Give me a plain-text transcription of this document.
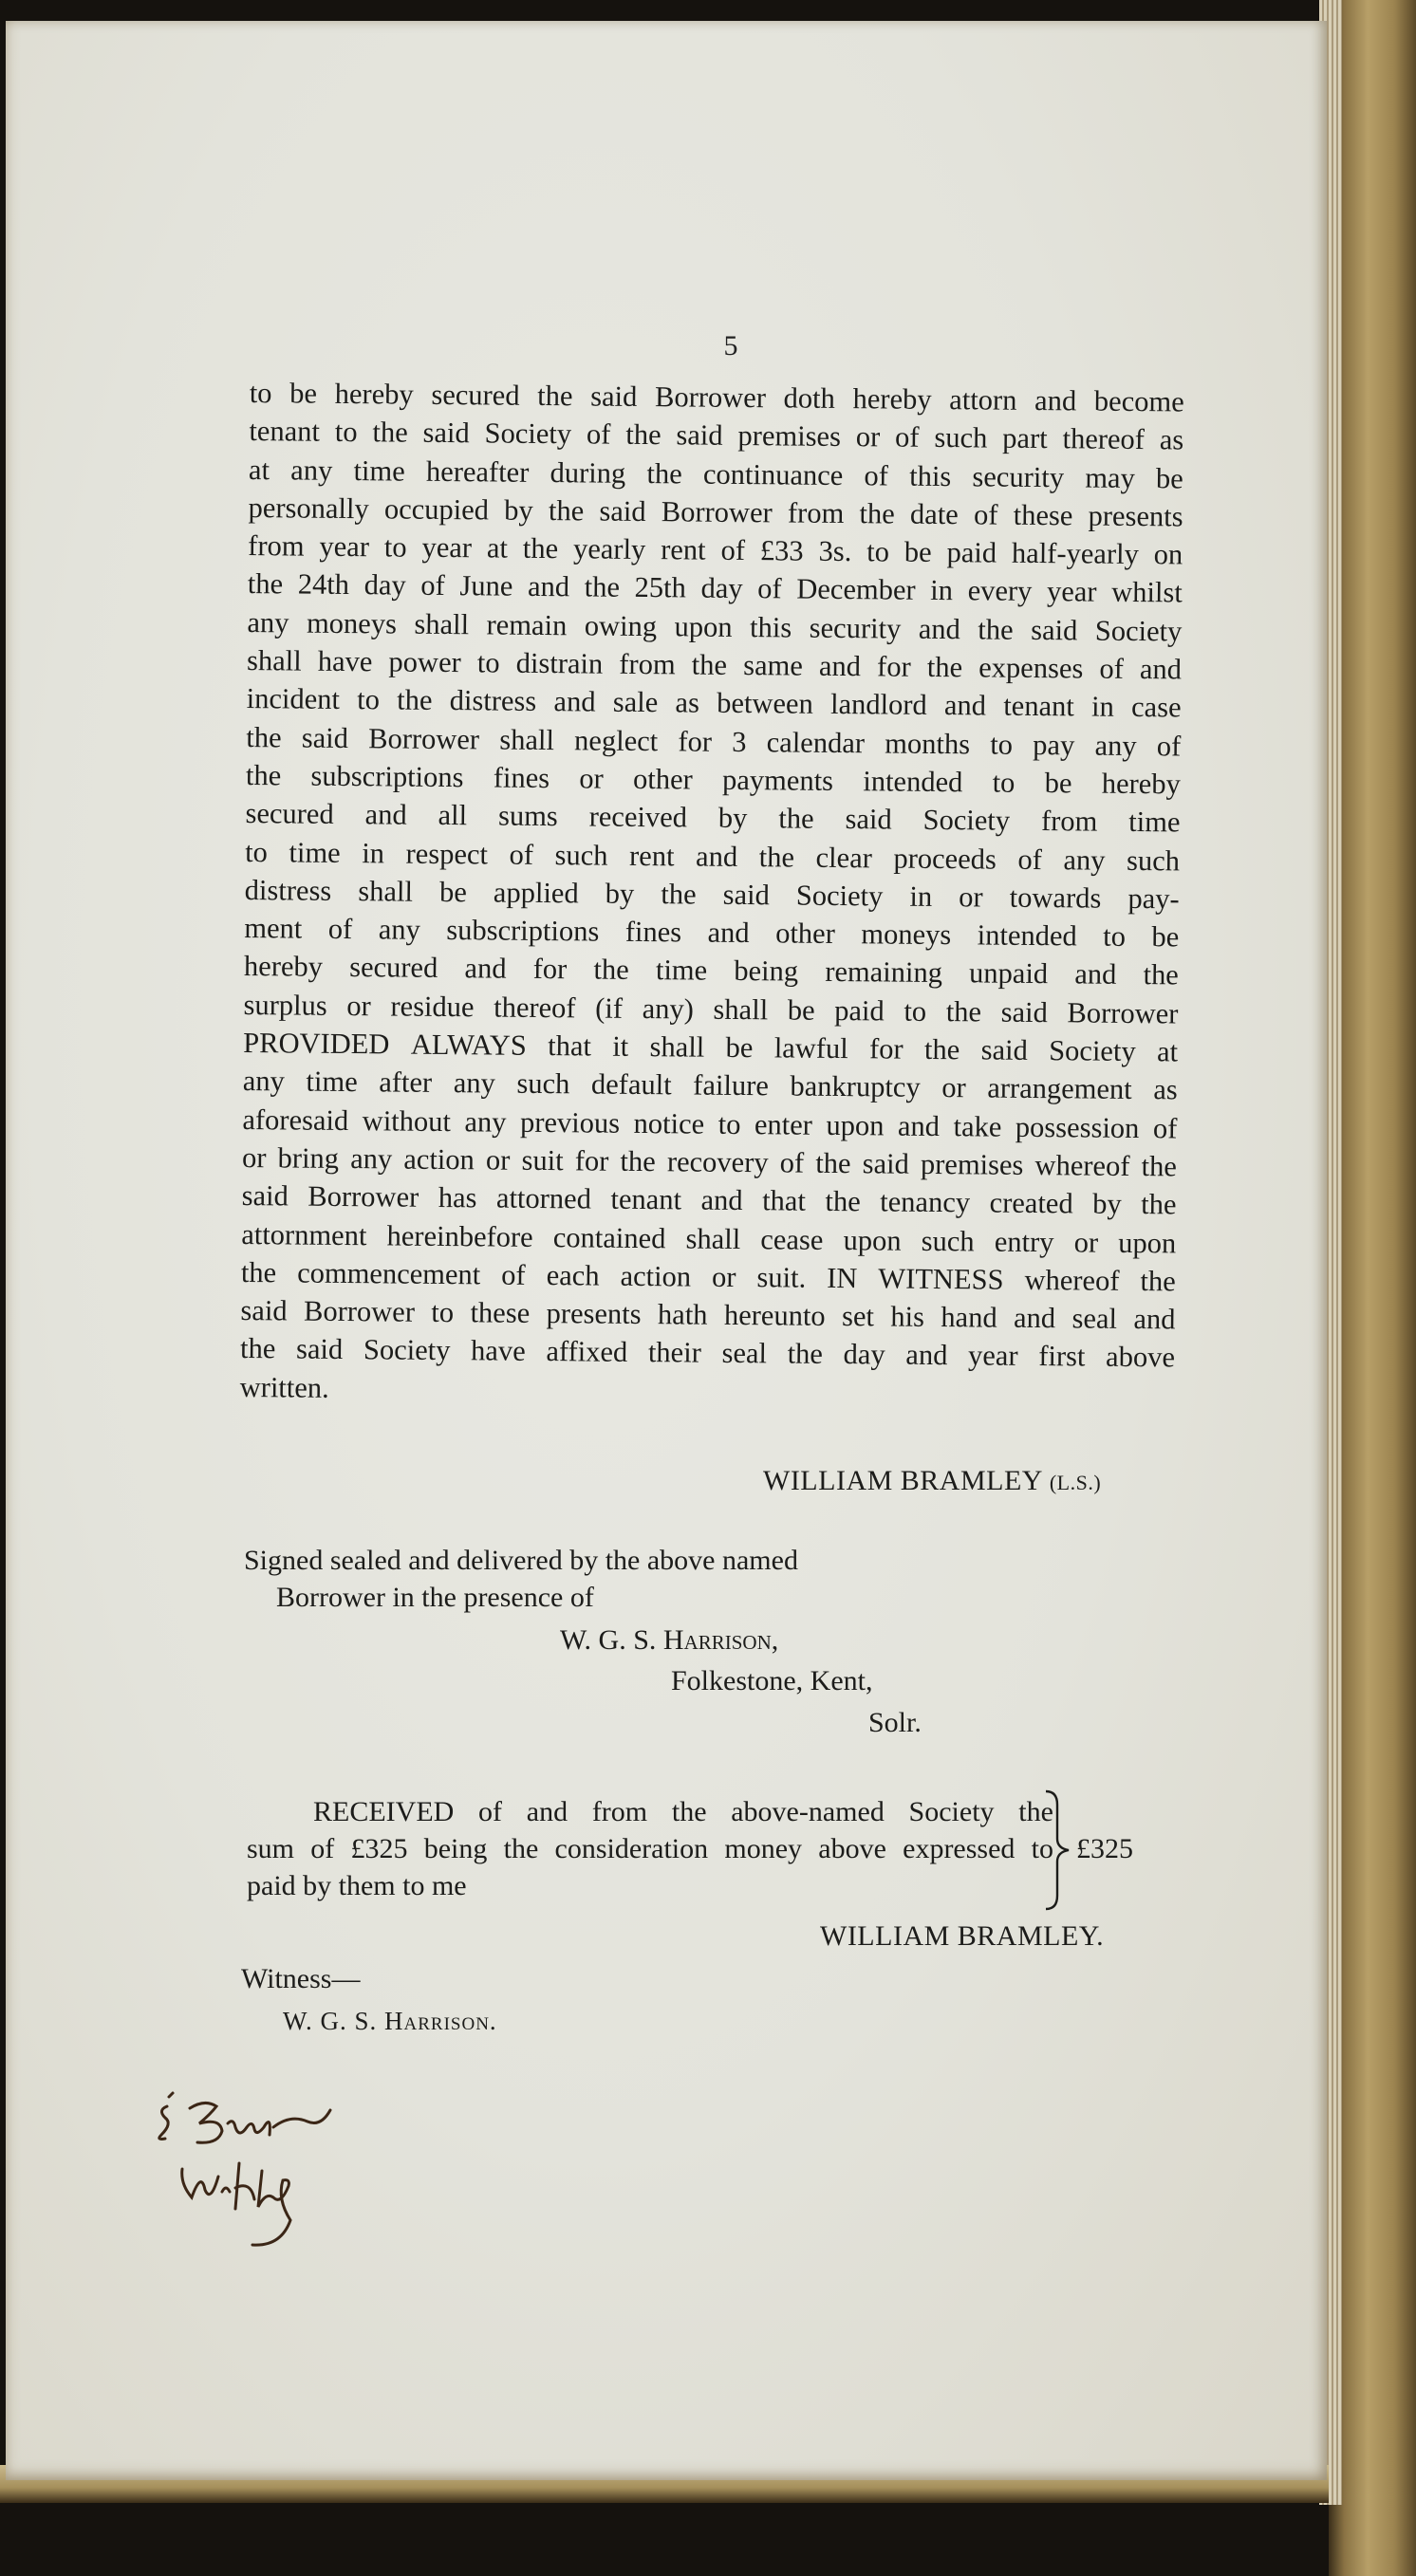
5
to be hereby secured the said Borrower doth hereby attorn and become
tenant to the said Society of the said premises or of such part thereof as
at any time hereafter during the continuance of this security may be
personally occupied by the said Borrower from the date of these presents
from year to year at the yearly rent of £33 3s. to be paid half-yearly on
the 24th day of June and the 25th day of December in every year whilst
any moneys shall remain owing upon this security and the said Society
shall have power to distrain from the same and for the expenses of and
incident to the distress and sale as between landlord and tenant in case
the said Borrower shall neglect for 3 calendar months to pay any of
the subscriptions fines or other payments intended to be hereby
secured and all sums received by the said Society from time
to time in respect of such rent and the clear proceeds of any such
distress shall be applied by the said Society in or towards pay-
ment of any subscriptions fines and other moneys intended to be
hereby secured and for the time being remaining unpaid and the
surplus or residue thereof (if any) shall be paid to the said Borrower
PROVIDED ALWAYS that it shall be lawful for the said Society at
any time after any such default failure bankruptcy or arrangement as
aforesaid without any previous notice to enter upon and take possession of
or bring any action or suit for the recovery of the said premises whereof the
said Borrower has attorned tenant and that the tenancy created by the
attornment hereinbefore contained shall cease upon such entry or upon
the commencement of each action or suit. IN WITNESS whereof the
said Borrower to these presents hath hereunto set his hand and seal and
the said Society have affixed their seal the day and year first above
written.
WILLIAM BRAMLEY (L.S.)
Signed sealed and delivered by the above named
Borrower in the presence of
W. G. S. Harrison,
Folkestone, Kent,
Solr.
RECEIVED of and from the above-named Society the
sum of £325 being the consideration money above expressed to
paid by them to me
£325
WILLIAM BRAMLEY.
Witness—
W. G. S. Harrison.
